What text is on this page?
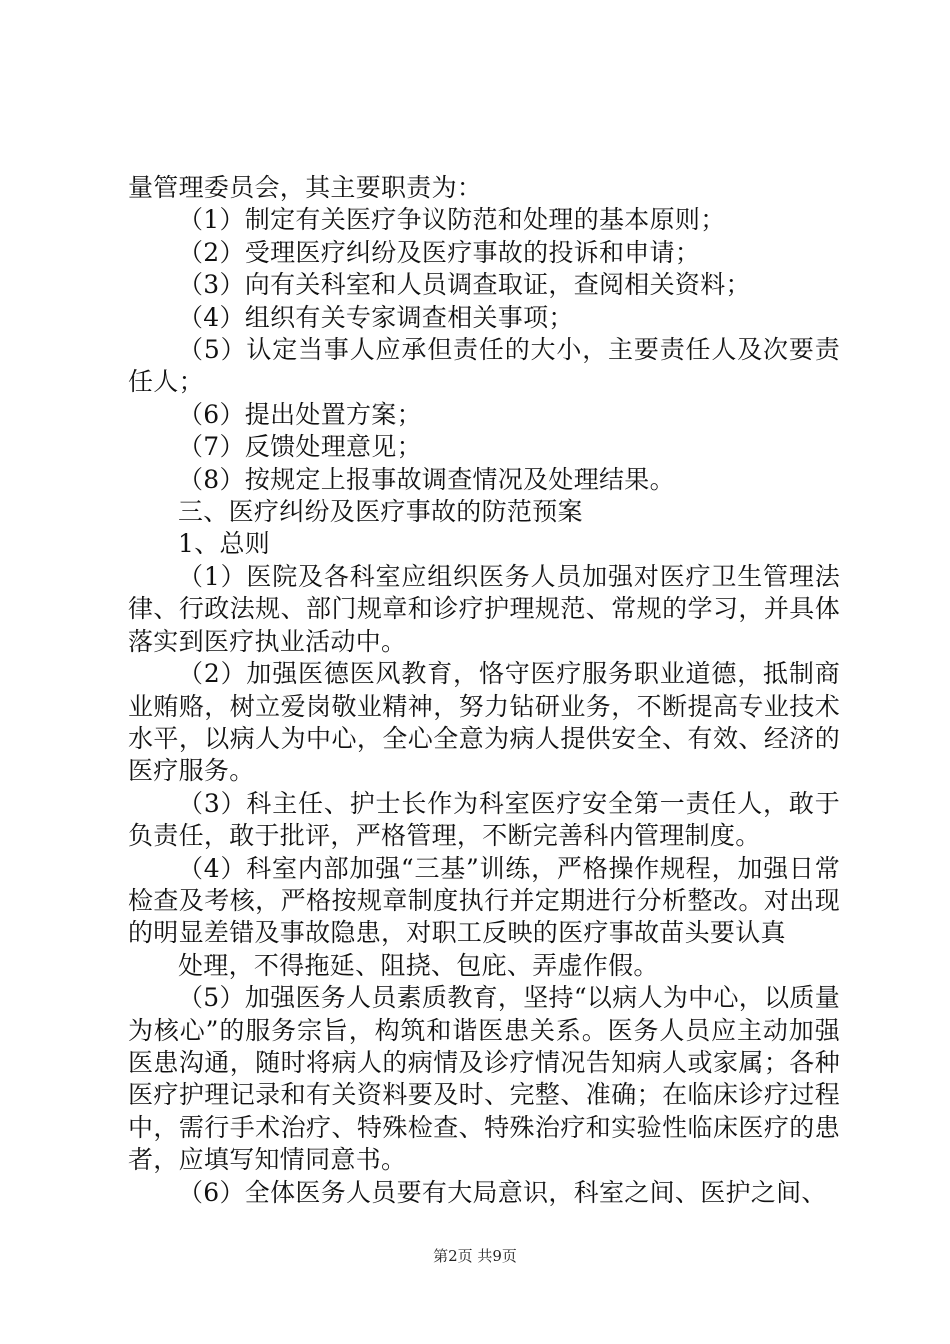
量管理委员会，其主要职责为：

（1）制定有关医疗争议防范和处理的基本原则；

（2）受理医疗纠纷及医疗事故的投诉和申请；

（3）向有关科室和人员调查取证，查阅相关资料；

（4）组织有关专家调查相关事项；

（5）认定当事人应承但责任的大小，主要责任人及次要责任人；

（6）提出处置方案；

（7）反馈处理意见；

（8）按规定上报事故调查情况及处理结果。

三、医疗纠纷及医疗事故的防范预案

1、总则

（1）医院及各科室应组织医务人员加强对医疗卫生管理法律、行政法规、部门规章和诊疗护理规范、常规的学习，并具体落实到医疗执业活动中。

（2）加强医德医风教育，恪守医疗服务职业道德，抵制商业贿赂，树立爱岗敬业精神，努力钻研业务，不断提高专业技术水平，以病人为中心，全心全意为病人提供安全、有效、经济的医疗服务。

（3）科主任、护士长作为科室医疗安全第一责任人，敢于负责任，敢于批评，严格管理，不断完善科内管理制度。

（4）科室内部加强“三基”训练，严格操作规程，加强日常检查及考核，严格按规章制度执行并定期进行分析整改。对出现的明显差错及事故隐患，对职工反映的医疗事故苗头要认真

处理，不得拖延、阻挠、包庇、弄虚作假。

（5）加强医务人员素质教育，坚持“以病人为中心，以质量为核心”的服务宗旨，构筑和谐医患关系。医务人员应主动加强医患沟通，随时将病人的病情及诊疗情况告知病人或家属；各种医疗护理记录和有关资料要及时、完整、准确；在临床诊疗过程中，需行手术治疗、特殊检查、特殊治疗和实验性临床医疗的患者，应填写知情同意书。

（6）全体医务人员要有大局意识，科室之间、医护之间、

第2页 共9页
